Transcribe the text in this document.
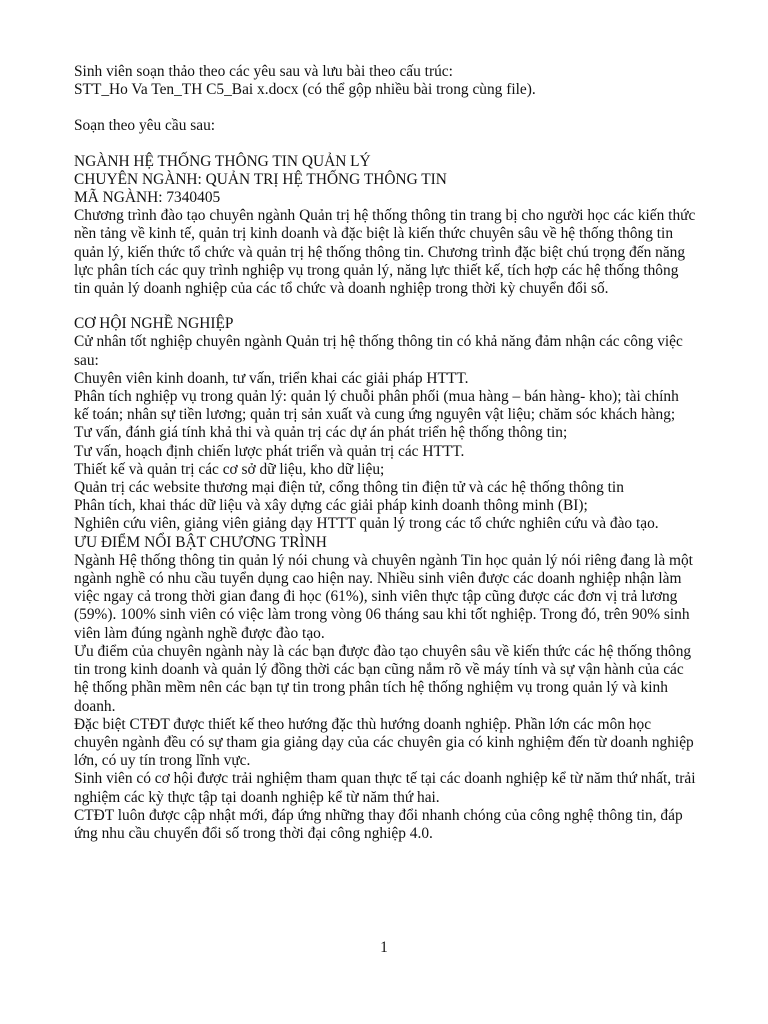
Sinh viên soạn thảo theo các yêu sau và lưu bài theo cấu trúc:

STT_Ho Va Ten_TH C5_Bai x.docx (có thể gộp nhiều bài trong cùng file).

Soạn theo yêu cầu sau:

NGÀNH HỆ THỐNG THÔNG TIN QUẢN LÝ

CHUYÊN NGÀNH: QUẢN TRỊ HỆ THỐNG THÔNG TIN

MÃ NGÀNH: 7340405

Chương trình đào tạo chuyên ngành Quản trị hệ thống thông tin trang bị cho người học các kiến thức nền tảng về kinh tế, quản trị kinh doanh và đặc biệt là kiến thức chuyên sâu về hệ thống thông tin quản lý, kiến thức tổ chức và quản trị hệ thống thông tin. Chương trình đặc biệt chú trọng đến năng lực phân tích các quy trình nghiệp vụ trong quản lý, năng lực thiết kế, tích hợp các hệ thống thông tin quản lý doanh nghiệp của các tổ chức và doanh nghiệp trong thời kỳ chuyển đổi số.

CƠ HỘI NGHỀ NGHIỆP

Cử nhân tốt nghiệp chuyên ngành Quản trị hệ thống thông tin có khả năng đảm nhận các công việc sau:

Chuyên viên kinh doanh, tư vấn, triển khai các giải pháp HTTT.

Phân tích nghiệp vụ trong quản lý: quản lý chuỗi phân phối (mua hàng – bán hàng- kho); tài chính

kế toán; nhân sự tiền lương; quản trị sản xuất và cung ứng nguyên vật liệu; chăm sóc khách hàng;

Tư vấn, đánh giá tính khả thi và quản trị các dự án phát triển hệ thống thông tin;

Tư vấn, hoạch định chiến lược phát triển và quản trị các HTTT.

Thiết kế và quản trị các cơ sở dữ liệu, kho dữ liệu;

Quản trị các website thương mại điện tử, cổng thông tin điện tử và các hệ thống thông tin

Phân tích, khai thác dữ liệu và xây dựng các giải pháp kinh doanh thông minh (BI);

Nghiên cứu viên, giảng viên giảng dạy HTTT quản lý trong các tổ chức nghiên cứu và đào tạo.

ƯU ĐIỂM NỔI BẬT CHƯƠNG TRÌNH

Ngành Hệ thống thông tin quản lý nói chung và chuyên ngành Tin học quản lý nói riêng đang là một ngành nghề có nhu cầu tuyển dụng cao hiện nay. Nhiều sinh viên được các doanh nghiệp nhận làm việc ngay cả trong thời gian đang đi học (61%), sinh viên thực tập cũng được các đơn vị trả lương (59%). 100% sinh viên có việc làm trong vòng 06 tháng sau khi tốt nghiệp. Trong đó, trên 90% sinh viên làm đúng ngành nghề được đào tạo.

Ưu điểm của chuyên ngành này là các bạn được đào tạo chuyên sâu về kiến thức các hệ thống thông tin trong kinh doanh và quản lý đồng thời các bạn cũng nắm rõ về máy tính và sự vận hành của các hệ thống phần mềm nên các bạn tự tin trong phân tích hệ thống nghiệm vụ trong quản lý và kinh doanh.

Đặc biệt CTĐT được thiết kế theo hướng đặc thù hướng doanh nghiệp. Phần lớn các môn học chuyên ngành đều có sự tham gia giảng dạy của các chuyên gia có kinh nghiệm đến từ doanh nghiệp lớn, có uy tín trong lĩnh vực.

Sinh viên có cơ hội được trải nghiệm tham quan thực tế tại các doanh nghiệp kể từ năm thứ nhất, trải nghiệm các kỳ thực tập tại doanh nghiệp kể từ năm thứ hai.

CTĐT luôn được cập nhật mới, đáp ứng những thay đổi nhanh chóng của công nghệ thông tin, đáp ứng nhu cầu chuyển đổi số trong thời đại công nghiệp 4.0.

1
